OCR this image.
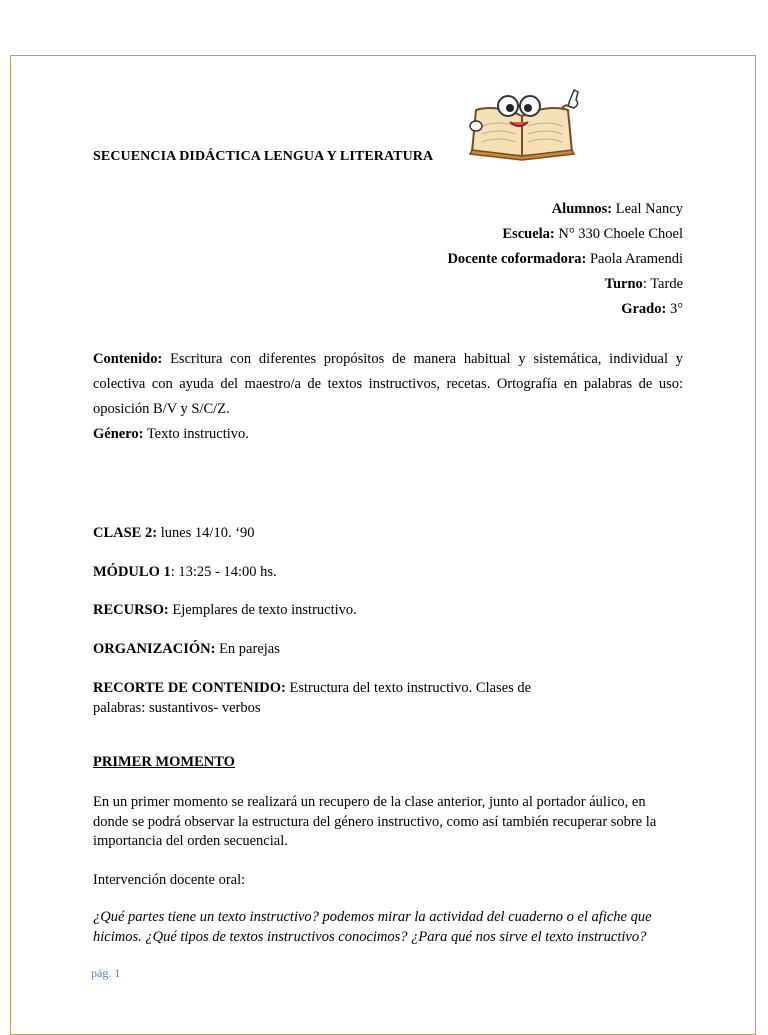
SECUENCIA DIDÁCTICA LENGUA Y LITERATURA
Alumnos: Leal Nancy
Escuela: N° 330 Choele Choel
Docente coformadora: Paola Aramendi
Turno: Tarde
Grado: 3°
Contenido: Escritura con diferentes propósitos de manera habitual y sistemática, individual y colectiva con ayuda del maestro/a de textos instructivos, recetas. Ortografía en palabras de uso: oposición B/V y S/C/Z.
Género: Texto instructivo.
CLASE 2: lunes 14/10. ‘90
MÓDULO 1: 13:25 - 14:00 hs.
RECURSO: Ejemplares de texto instructivo.
ORGANIZACIÓN: En parejas
RECORTE DE CONTENIDO: Estructura del texto instructivo. Clases de palabras: sustantivos- verbos
PRIMER MOMENTO
En un primer momento se realizará un recupero de la clase anterior, junto al portador áulico, en donde se podrá observar la estructura del género instructivo, como así también recuperar sobre la importancia del orden secuencial.
Intervención docente oral:
¿Qué partes tiene un texto instructivo? podemos mirar la actividad del cuaderno o el afiche que hicimos. ¿Qué tipos de textos instructivos conocimos? ¿Para qué nos sirve el texto instructivo?
pág. 1
